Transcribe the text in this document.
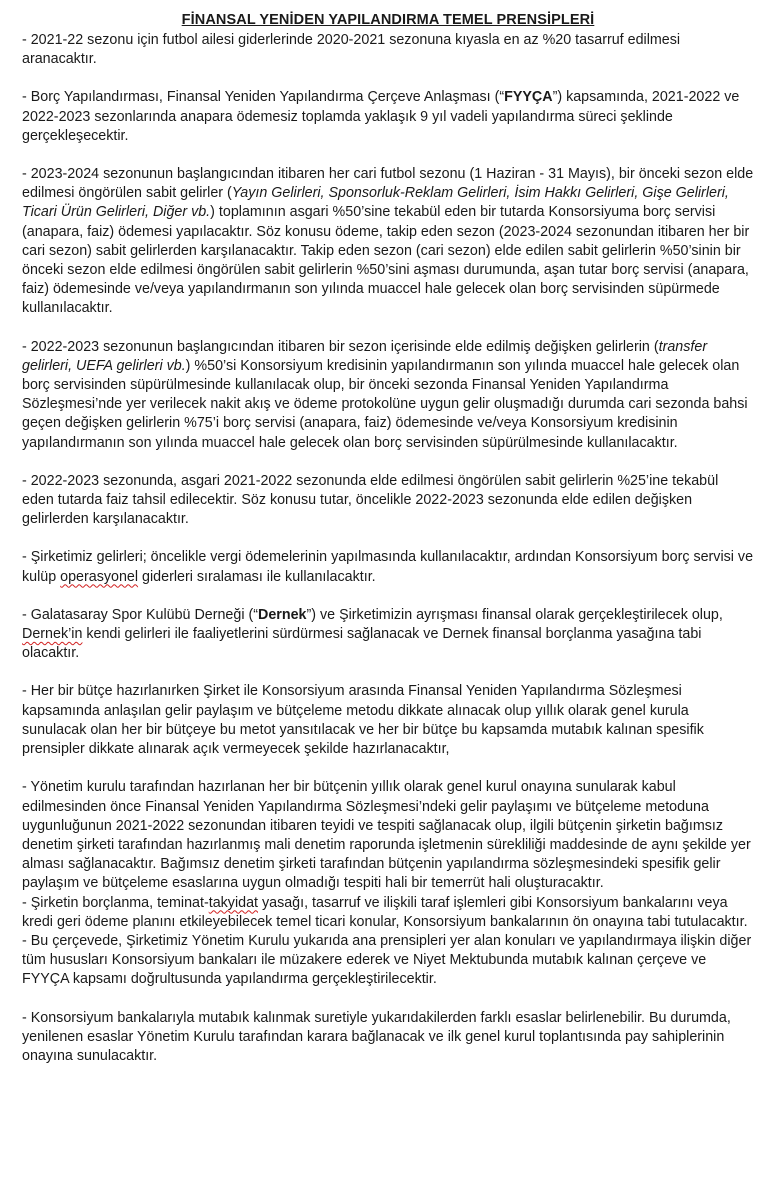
FİNANSAL YENİDEN YAPILANDIRMA TEMEL PRENSİPLERİ

- 2021-22 sezonu için futbol ailesi giderlerinde 2020-2021 sezonuna kıyasla en az %20 tasarruf edilmesi aranacaktır.

- Borç Yapılandırması, Finansal Yeniden Yapılandırma Çerçeve Anlaşması (“FYYÇA”) kapsamında, 2021-2022 ve 2022-2023 sezonlarında anapara ödemesiz toplamda yaklaşık 9 yıl vadeli yapılandırma süreci şeklinde gerçekleşecektir.

- 2023-2024 sezonunun başlangıcından itibaren her cari futbol sezonu (1 Haziran - 31 Mayıs), bir önceki sezon elde edilmesi öngörülen sabit gelirler (Yayın Gelirleri, Sponsorluk-Reklam Gelirleri, İsim Hakkı Gelirleri, Gişe Gelirleri, Ticari Ürün Gelirleri, Diğer vb.) toplamının asgari %50’sine tekabül eden bir tutarda Konsorsiyuma borç servisi (anapara, faiz) ödemesi yapılacaktır. Söz konusu ödeme, takip eden sezon (2023-2024 sezonundan itibaren her bir cari sezon) sabit gelirlerden karşılanacaktır. Takip eden sezon (cari sezon) elde edilen sabit gelirlerin %50’sinin bir önceki sezon elde edilmesi öngörülen sabit gelirlerin %50’sini aşması durumunda, aşan tutar borç servisi (anapara, faiz) ödemesinde ve/veya yapılandırmanın son yılında muaccel hale gelecek olan borç servisinden süpürmede kullanılacaktır.

- 2022-2023 sezonunun başlangıcından itibaren bir sezon içerisinde elde edilmiş değişken gelirlerin (transfer gelirleri, UEFA gelirleri vb.) %50’si Konsorsiyum kredisinin yapılandırmanın son yılında muaccel hale gelecek olan borç servisinden süpürülmesinde kullanılacak olup, bir önceki sezonda Finansal Yeniden Yapılandırma Sözleşmesi’nde yer verilecek nakit akış ve ödeme protokolüne uygun gelir oluşmadığı durumda cari sezonda bahsi geçen değişken gelirlerin %75’i borç servisi (anapara, faiz) ödemesinde ve/veya Konsorsiyum kredisinin yapılandırmanın son yılında muaccel hale gelecek olan borç servisinden süpürülmesinde kullanılacaktır.

- 2022-2023 sezonunda, asgari 2021-2022 sezonunda elde edilmesi öngörülen sabit gelirlerin %25’ine tekabül eden tutarda faiz tahsil edilecektir. Söz konusu tutar, öncelikle 2022-2023 sezonunda elde edilen değişken gelirlerden karşılanacaktır.

- Şirketimiz gelirleri; öncelikle vergi ödemelerinin yapılmasında kullanılacaktır, ardından Konsorsiyum borç servisi ve kulüp operasyonel giderleri sıralaması ile kullanılacaktır.

- Galatasaray Spor Kulübü Derneği (“Dernek”) ve Şirketimizin ayrışması finansal olarak gerçekleştirilecek olup, Dernek’in kendi gelirleri ile faaliyetlerini sürdürmesi sağlanacak ve Dernek finansal borçlanma yasağına tabi olacaktır.

- Her bir bütçe hazırlanırken Şirket ile Konsorsiyum arasında Finansal Yeniden Yapılandırma Sözleşmesi kapsamında anlaşılan gelir paylaşım ve bütçeleme metodu dikkate alınacak olup yıllık olarak genel kurula sunulacak olan her bir bütçeye bu metot yansıtılacak ve her bir bütçe bu kapsamda mutabık kalınan spesifik prensipler dikkate alınarak açık vermeyecek şekilde hazırlanacaktır,

- Yönetim kurulu tarafından hazırlanan her bir bütçenin yıllık olarak genel kurul onayına sunularak kabul edilmesinden önce Finansal Yeniden Yapılandırma Sözleşmesi’ndeki gelir paylaşımı ve bütçeleme metoduna uygunluğunun 2021-2022 sezonundan itibaren teyidi ve tespiti sağlanacak olup, ilgili bütçenin şirketin bağımsız denetim şirketi tarafından hazırlanmış mali denetim raporunda işletmenin sürekliliği maddesinde de aynı şekilde yer alması sağlanacaktır. Bağımsız denetim şirketi tarafından bütçenin yapılandırma sözleşmesindeki spesifik gelir paylaşım ve bütçeleme esaslarına uygun olmadığı tespiti hali bir temerrüt hali oluşturacaktır.

- Şirketin borçlanma, teminat-takyidat yasağı, tasarruf ve ilişkili taraf işlemleri gibi Konsorsiyum bankalarını veya kredi geri ödeme planını etkileyebilecek temel ticari konular, Konsorsiyum bankalarının ön onayına tabi tutulacaktır.

- Bu çerçevede, Şirketimiz Yönetim Kurulu yukarıda ana prensipleri yer alan konuları ve yapılandırmaya ilişkin diğer tüm hususları Konsorsiyum bankaları ile müzakere ederek ve Niyet Mektubunda mutabık kalınan çerçeve ve FYYÇA kapsamı doğrultusunda yapılandırma gerçekleştirilecektir.

- Konsorsiyum bankalarıyla mutabık kalınmak suretiyle yukarıdakilerden farklı esaslar belirlenebilir. Bu durumda, yenilenen esaslar Yönetim Kurulu tarafından karara bağlanacak ve ilk genel kurul toplantısında pay sahiplerinin onayına sunulacaktır.
